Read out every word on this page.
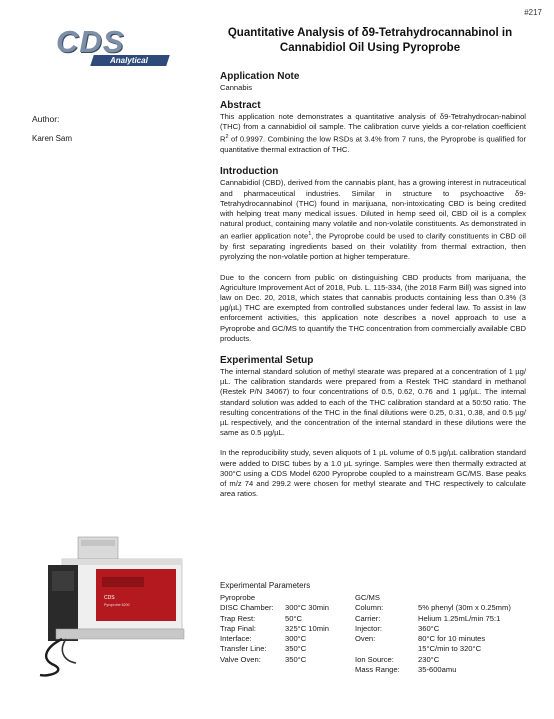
#217
CDS
Analytical
Quantitative Analysis of δ9-Tetrahydrocannabinol in
Cannabidiol Oil Using Pyroprobe
Author:
Karen Sam
Application Note
Cannabis
Abstract
This application note demonstrates a quantitative analysis of δ9-Tetrahydrocan-nabinol (THC) from a cannabidiol oil sample. The calibration curve yields a cor-relation coefficient $R^2$ of 0.9997. Combining the low RSDs at 3.4% from 7 runs, the Pyroprobe is qualified for quantitative thermal extraction of THC.
Introduction
Cannabidiol (CBD), derived from the cannabis plant, has a growing interest in nutraceutical and pharmaceutical industries. Similar in structure to psychoactive δ9-Tetrahydrocannabinol (THC) found in marijuana, non-intoxicating CBD is being credited with helping treat many medical issues. Diluted in hemp seed oil, CBD oil is a complex natural product, containing many volatile and non-volatile constituents. As demonstrated in an earlier application note$^1$, the Pyroprobe could be used to clarify constituents in CBD oil by first separating ingredients based on their volatility from thermal extraction, then pyrolyzing the non-volatile portion at higher temperature.
Due to the concern from public on distinguishing CBD products from marijuana, the Agriculture Improvement Act of 2018, Pub. L. 115-334, (the 2018 Farm Bill) was signed into law on Dec. 20, 2018, which states that cannabis products containing less than 0.3% (3 µg/µL) THC are exempted from controlled substances under federal law. To assist in law enforcement activities, this application note describes a novel approach to use a Pyroprobe and GC/MS to quantify the THC concentration from commercially available CBD products.
Experimental Setup
The internal standard solution of methyl stearate was prepared at a concentration of 1 µg/µL. The calibration standards were prepared from a Restek THC standard in methanol (Restek P/N 34067) to four concentrations of 0.5, 0.62, 0.76 and 1 µg/µL. The internal standard solution was added to each of the THC calibration standard at a 50:50 ratio. The resulting concentrations of the THC in the final dilutions were 0.25, 0.31, 0.38, and 0.5 µg/µL respectively, and the concentration of the internal standard in these dilutions were the same as 0.5 µg/µL.
In the reproducibility study, seven aliquots of 1 µL volume of 0.5 µg/µL calibration standard were added to DISC tubes by a 1.0 µL syringe. Samples were then thermally extracted at 300°C using a CDS Model 6200 Pyroprobe coupled to a mainstream GC/MS. Base peaks of m/z 74 and 299.2 were chosen for methyl stearate and THC respectively to calculate area ratios.
Experimental Parameters
Pyroprobe
DISC Chamber:	300°C 30min
Trap Rest:	50°C
Trap Final:	325°C 10min
Interface:	300°C
Transfer Line:	350°C
Valve Oven:	350°C
GC/MS
Column:	5% phenyl (30m x 0.25mm)
Carrier:	Helium 1.25mL/min 75:1
Injector:	360°C
Oven:	80°C for 10 minutes
15°C/min to 320°C
Ion Source:	230°C
Mass Range:	35-600amu
CDS
Pyroprobe 6200
